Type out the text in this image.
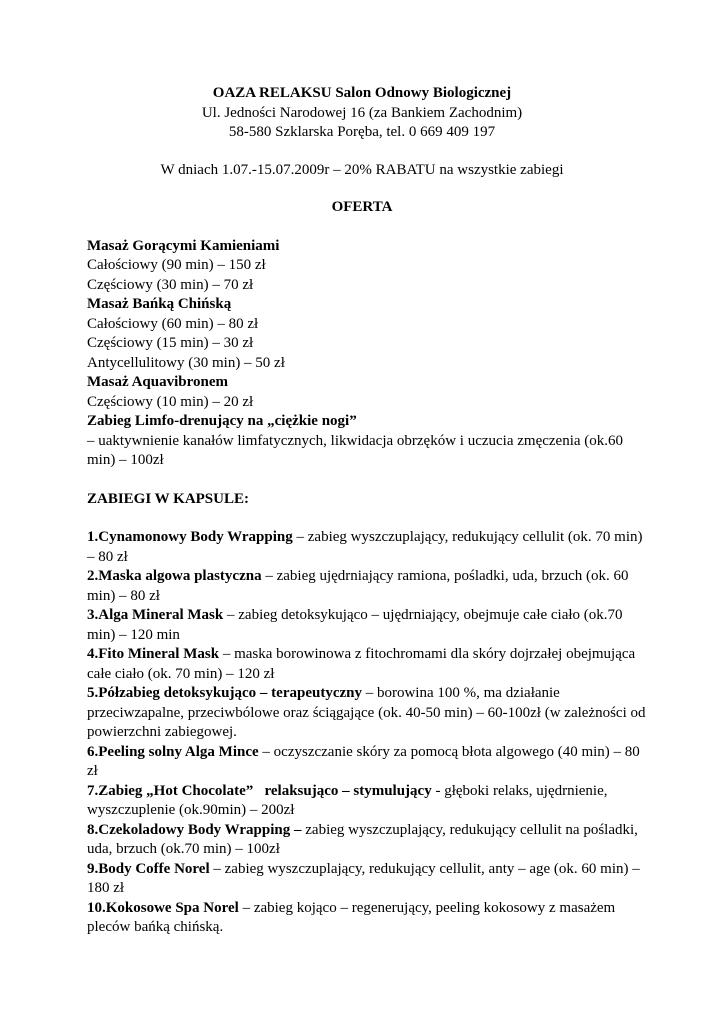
OAZA RELAKSU Salon Odnowy Biologicznej

Ul. Jedności Narodowej 16 (za Bankiem Zachodnim)

58-580 Szklarska Poręba, tel. 0 669 409 197

W dniach 1.07.-15.07.2009r – 20% RABATU na wszystkie zabiegi

OFERTA

Masaż Gorącymi Kamieniami

Całościowy (90 min) – 150 zł

Częściowy (30 min) – 70 zł

Masaż Bańką Chińską

Całościowy (60 min) – 80 zł

Częściowy (15 min) – 30 zł

Antycellulitowy (30 min) – 50 zł

Masaż Aquavibronem

Częściowy (10 min) – 20 zł

Zabieg Limfo-drenujący na „ciężkie nogi”

– uaktywnienie kanałów limfatycznych, likwidacja obrzęków i uczucia zmęczenia (ok.60 min) – 100zł

ZABIEGI W KAPSULE:

1.Cynamonowy Body Wrapping – zabieg wyszczuplający, redukujący cellulit (ok. 70 min) – 80 zł

2.Maska algowa plastyczna – zabieg ujędrniający ramiona, pośladki, uda, brzuch (ok. 60 min) – 80 zł

3.Alga Mineral Mask – zabieg detoksykująco – ujędrniający, obejmuje całe ciało (ok.70 min) – 120 min

4.Fito Mineral Mask – maska borowinowa z fitochromami dla skóry dojrzałej obejmująca całe ciało (ok. 70 min) – 120 zł

5.Półzabieg detoksykująco – terapeutyczny – borowina 100 %, ma działanie przeciwzapalne, przeciwbólowe oraz ściągające (ok. 40-50 min) – 60-100zł (w zależności od powierzchni zabiegowej.

6.Peeling solny Alga Mince – oczyszczanie skóry za pomocą błota algowego (40 min) – 80 zł

7.Zabieg „Hot Chocolate”   relaksująco – stymulujący - głęboki relaks, ujędrnienie, wyszczuplenie (ok.90min) – 200zł

8.Czekoladowy Body Wrapping – zabieg wyszczuplający, redukujący cellulit na pośladki, uda, brzuch (ok.70 min) – 100zł

9.Body Coffe Norel – zabieg wyszczuplający, redukujący cellulit, anty – age (ok. 60 min) – 180 zł

10.Kokosowe Spa Norel – zabieg kojąco – regenerujący, peeling kokosowy z masażem pleców bańką chińską.
